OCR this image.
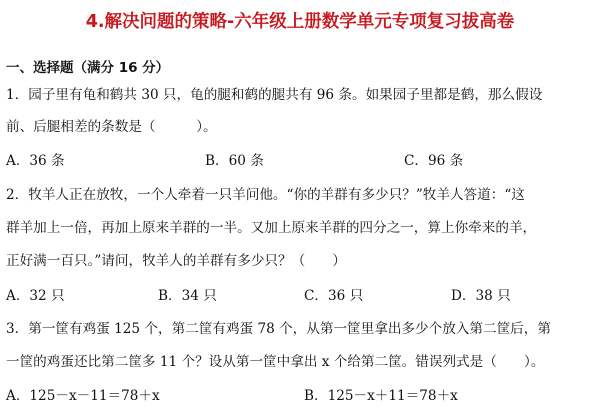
4.解决问题的策略-六年级上册数学单元专项复习拔高卷
一、选择题（满分 16 分）
1．园子里有龟和鹤共 30 只，龟的腿和鹤的腿共有 96 条。如果园子里都是鹤，那么假设
前、后腿相差的条数是（　　　）。
A．36 条	B．60 条	C．96 条
2．牧羊人正在放牧，一个人牵着一只羊问他。“你的羊群有多少只？”牧羊人答道：“这
群羊加上一倍，再加上原来羊群的一半。又加上原来羊群的四分之一，算上你牵来的羊，
正好满一百只。”请问，牧羊人的羊群有多少只？（　　）
A．32 只	B．34 只	C．36 只	D．38 只
3．第一筐有鸡蛋 125 个，第二筐有鸡蛋 78 个，从第一筐里拿出多少个放入第二筐后，第
一筐的鸡蛋还比第二筐多 11 个？设从第一筐中拿出 x 个给第二筐。错误列式是（　　）。
A．125－x－11＝78＋x	B．125－x＋11＝78＋x
